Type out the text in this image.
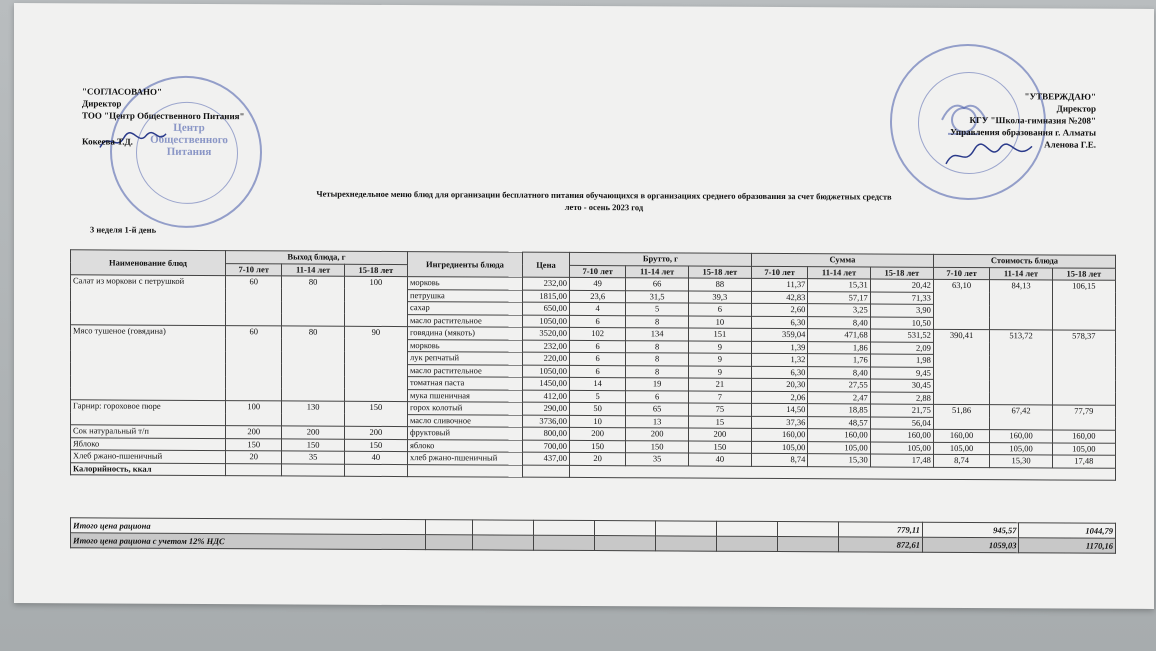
Центр Общественного Питания
"СОГЛАСОВАНО"
Директор
ТОО "Центр Общественного Питания"
Кокеева Т.Д.
"УТВЕРЖДАЮ"
Директор
КГУ "Школа-гимназия №208"
Управления образования г. Алматы
Аленова Г.Е.
Четырехнедельное меню блюд для организации бесплатного питания обучающихся в организациях среднего образования за счет бюджетных средств
лето - осень 2023 год
3 неделя 1-й день
Наименование блюд	Выход блюда, г			Ингредиенты блюда	Цена	Брутто, г			Сумма			Стоимость блюда		
	7-10 лет	11-14 лет	15-18 лет			7-10 лет	11-14 лет	15-18 лет	7-10 лет	11-14 лет	15-18 лет	7-10 лет	11-14 лет	15-18 лет
Салат из моркови с петрушкой	60	80	100	морковь	232,00	49	66	88	11,37	15,31	20,42	63,10	84,13	106,15
				петрушка	1815,00	23,6	31,5	39,3	42,83	57,17	71,33			
				сахар	650,00	4	5	6	2,60	3,25	3,90			
				масло растительное	1050,00	6	8	10	6,30	8,40	10,50			
Мясо тушеное (говядина)	60	80	90	говядина (мякоть)	3520,00	102	134	151	359,04	471,68	531,52	390,41	513,72	578,37
				морковь	232,00	6	8	9	1,39	1,86	2,09			
				лук репчатый	220,00	6	8	9	1,32	1,76	1,98			
				масло растительное	1050,00	6	8	9	6,30	8,40	9,45			
				томатная паста	1450,00	14	19	21	20,30	27,55	30,45			
				мука пшеничная	412,00	5	6	7	2,06	2,47	2,88			
Гарнир: гороховое пюре	100	130	150	горох колотый	290,00	50	65	75	14,50	18,85	21,75	51,86	67,42	77,79
				масло сливочное	3736,00	10	13	15	37,36	48,57	56,04			
Сок натуральный т/п	200	200	200	фруктовый	800,00	200	200	200	160,00	160,00	160,00	160,00	160,00	160,00
Яблоко	150	150	150	яблоко	700,00	150	150	150	105,00	105,00	105,00	105,00	105,00	105,00
Хлеб ржано-пшеничный	20	35	40	хлеб ржано-пшеничный	437,00	20	35	40	8,74	15,30	17,48	8,74	15,30	17,48
Калорийность, ккал														
Итого цена рациона								779,11	945,57	1044,79
Итого цена рациона с учетом 12% НДС								872,61	1059,03	1170,16
